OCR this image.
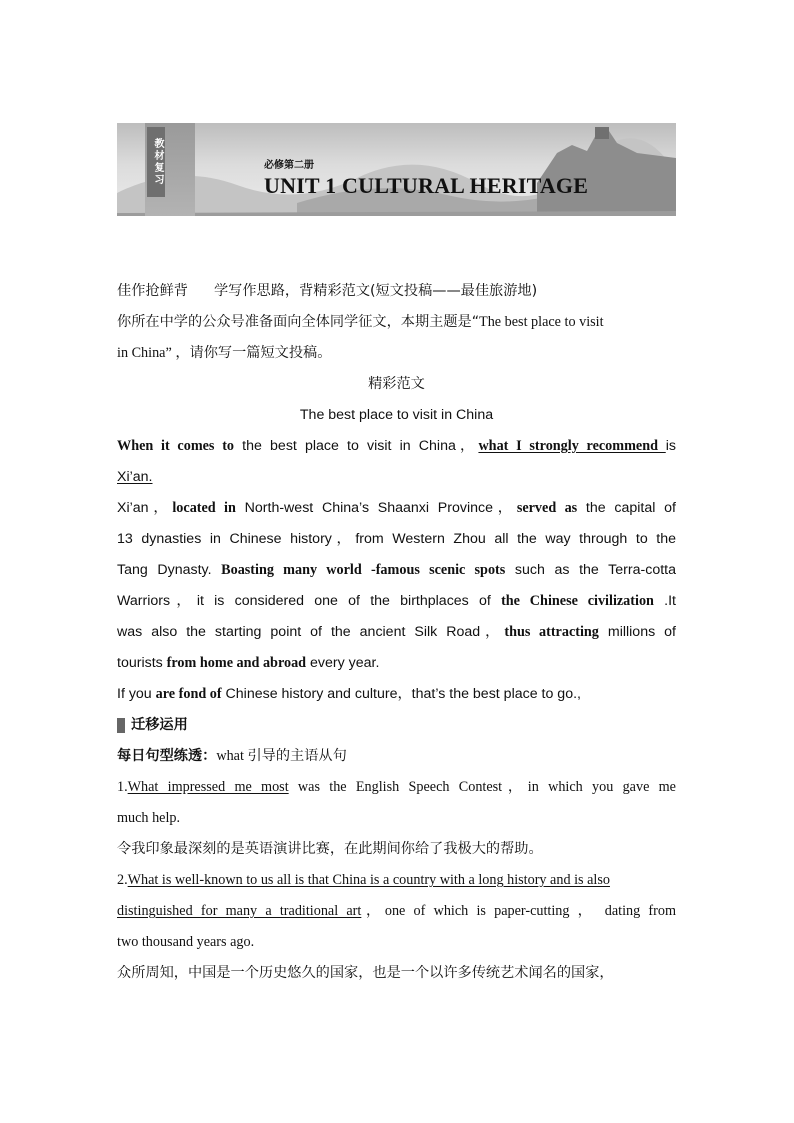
教材复习	必修第二册
UNIT 1 CULTURAL HERITAGE
佳作抢鲜背 学写作思路，背精彩范文(短文投稿——最佳旅游地)
你所在中学的公众号准备面向全体同学征文，本期主题是“The best place to visit
in China” ，请你写一篇短文投稿。
精彩范文
The best place to visit in China
When it comes to the best place to visit in China，what I strongly recommend is
Xi’an.
Xi’an，located in North-west China’s Shaanxi Province，served as the capital of
13 dynasties in Chinese history，from Western Zhou all the way through to the
Tang Dynasty. Boasting many world -famous scenic spots such as the Terra-cotta
Warriors，it is considered one of the birthplaces of the Chinese civilization .It
was also the starting point of the ancient Silk Road，thus attracting millions of
tourists from home and abroad every year.
If you are fond of Chinese history and culture，that’s the best place to go.,
迁移运用
每日句型练透：what 引导的主语从句
1.What impressed me most was the English Speech Contest，in which you gave me
much help.
令我印象最深刻的是英语演讲比赛，在此期间你给了我极大的帮助。
2.What is well-known to us all is that China is a country with a long history and is also
distinguished for many a traditional art，one of which is paper-cutting ， dating from
two thousand years ago.
众所周知，中国是一个历史悠久的国家，也是一个以许多传统艺术闻名的国家，
